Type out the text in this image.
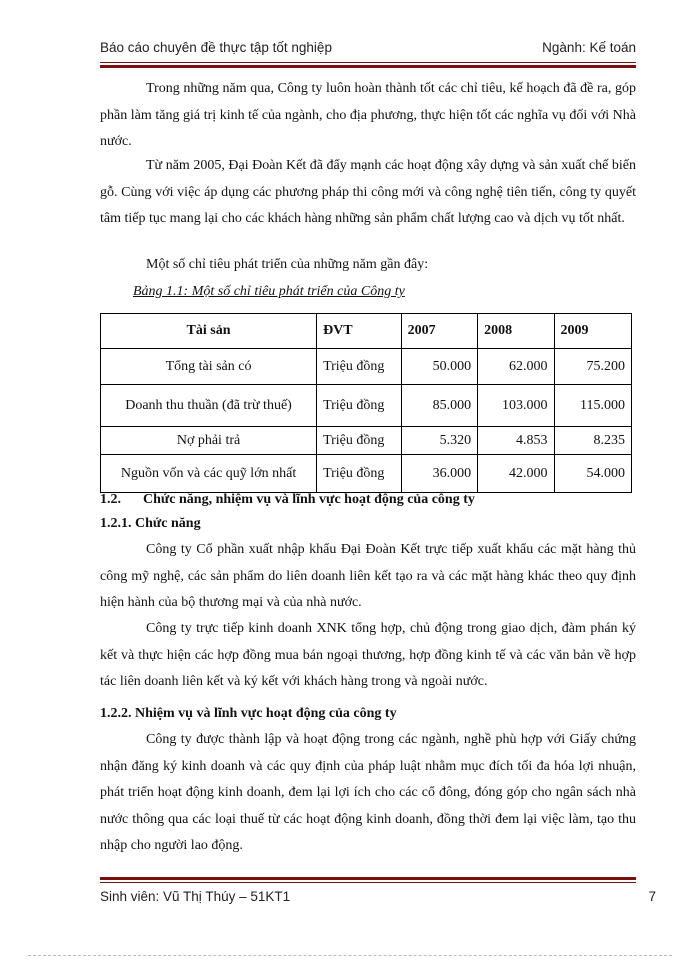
Báo cáo chuyên đề thực tập tốt nghiệp	Ngành: Kế toán

Trong những năm qua, Công ty luôn hoàn thành tốt các chỉ tiêu, kế hoạch đã đề ra, góp phần làm tăng giá trị kinh tế của ngành, cho địa phương, thực hiện tốt các nghĩa vụ đối với Nhà nước.

Từ năm 2005, Đại Đoàn Kết đã đẩy mạnh các hoạt động xây dựng và sản xuất chế biến gỗ. Cùng với việc áp dụng các phương pháp thi công mới và công nghệ tiên tiến, công ty quyết tâm tiếp tục mang lại cho các khách hàng những sản phẩm chất lượng cao và dịch vụ tốt nhất.

Một số chỉ tiêu phát triển của những năm gần đây:

Bảng 1.1: Một số chỉ tiêu phát triển của Công ty
Tài sản	ĐVT	2007	2008	2009
Tổng tài sản có	Triệu đồng	50.000	62.000	75.200
Doanh thu thuần (đã trừ thuế)	Triệu đồng	85.000	103.000	115.000
Nợ phải trả	Triệu đồng	5.320	4.853	8.235
Nguồn vốn và các quỹ lớn nhất	Triệu đồng	36.000	42.000	54.000
1.2. Chức năng, nhiệm vụ và lĩnh vực hoạt động của công ty
1.2.1. Chức năng

Công ty Cổ phần xuất nhập khẩu Đại Đoàn Kết trực tiếp xuất khẩu các mặt hàng thủ công mỹ nghệ, các sản phẩm do liên doanh liên kết tạo ra và các mặt hàng khác theo quy định hiện hành của bộ thương mại và của nhà nước.

Công ty trực tiếp kinh doanh XNK tổng hợp, chủ động trong giao dịch, đàm phán ký kết và thực hiện các hợp đồng mua bán ngoại thương, hợp đồng kinh tế và các văn bản về hợp tác liên doanh liên kết và ký kết với khách hàng trong và ngoài nước.

1.2.2. Nhiệm vụ và lĩnh vực hoạt động của công ty

Công ty được thành lập và hoạt động trong các ngành, nghề phù hợp với Giấy chứng nhận đăng ký kinh doanh và các quy định của pháp luật nhằm mục đích tối đa hóa lợi nhuận, phát triển hoạt động kinh doanh, đem lại lợi ích cho các cổ đông, đóng góp cho ngân sách nhà nước thông qua các loại thuế từ các hoạt động kinh doanh, đồng thời đem lại việc làm, tạo thu nhập cho người lao động.

Sinh viên: Vũ Thị Thúy – 51KT1	7
